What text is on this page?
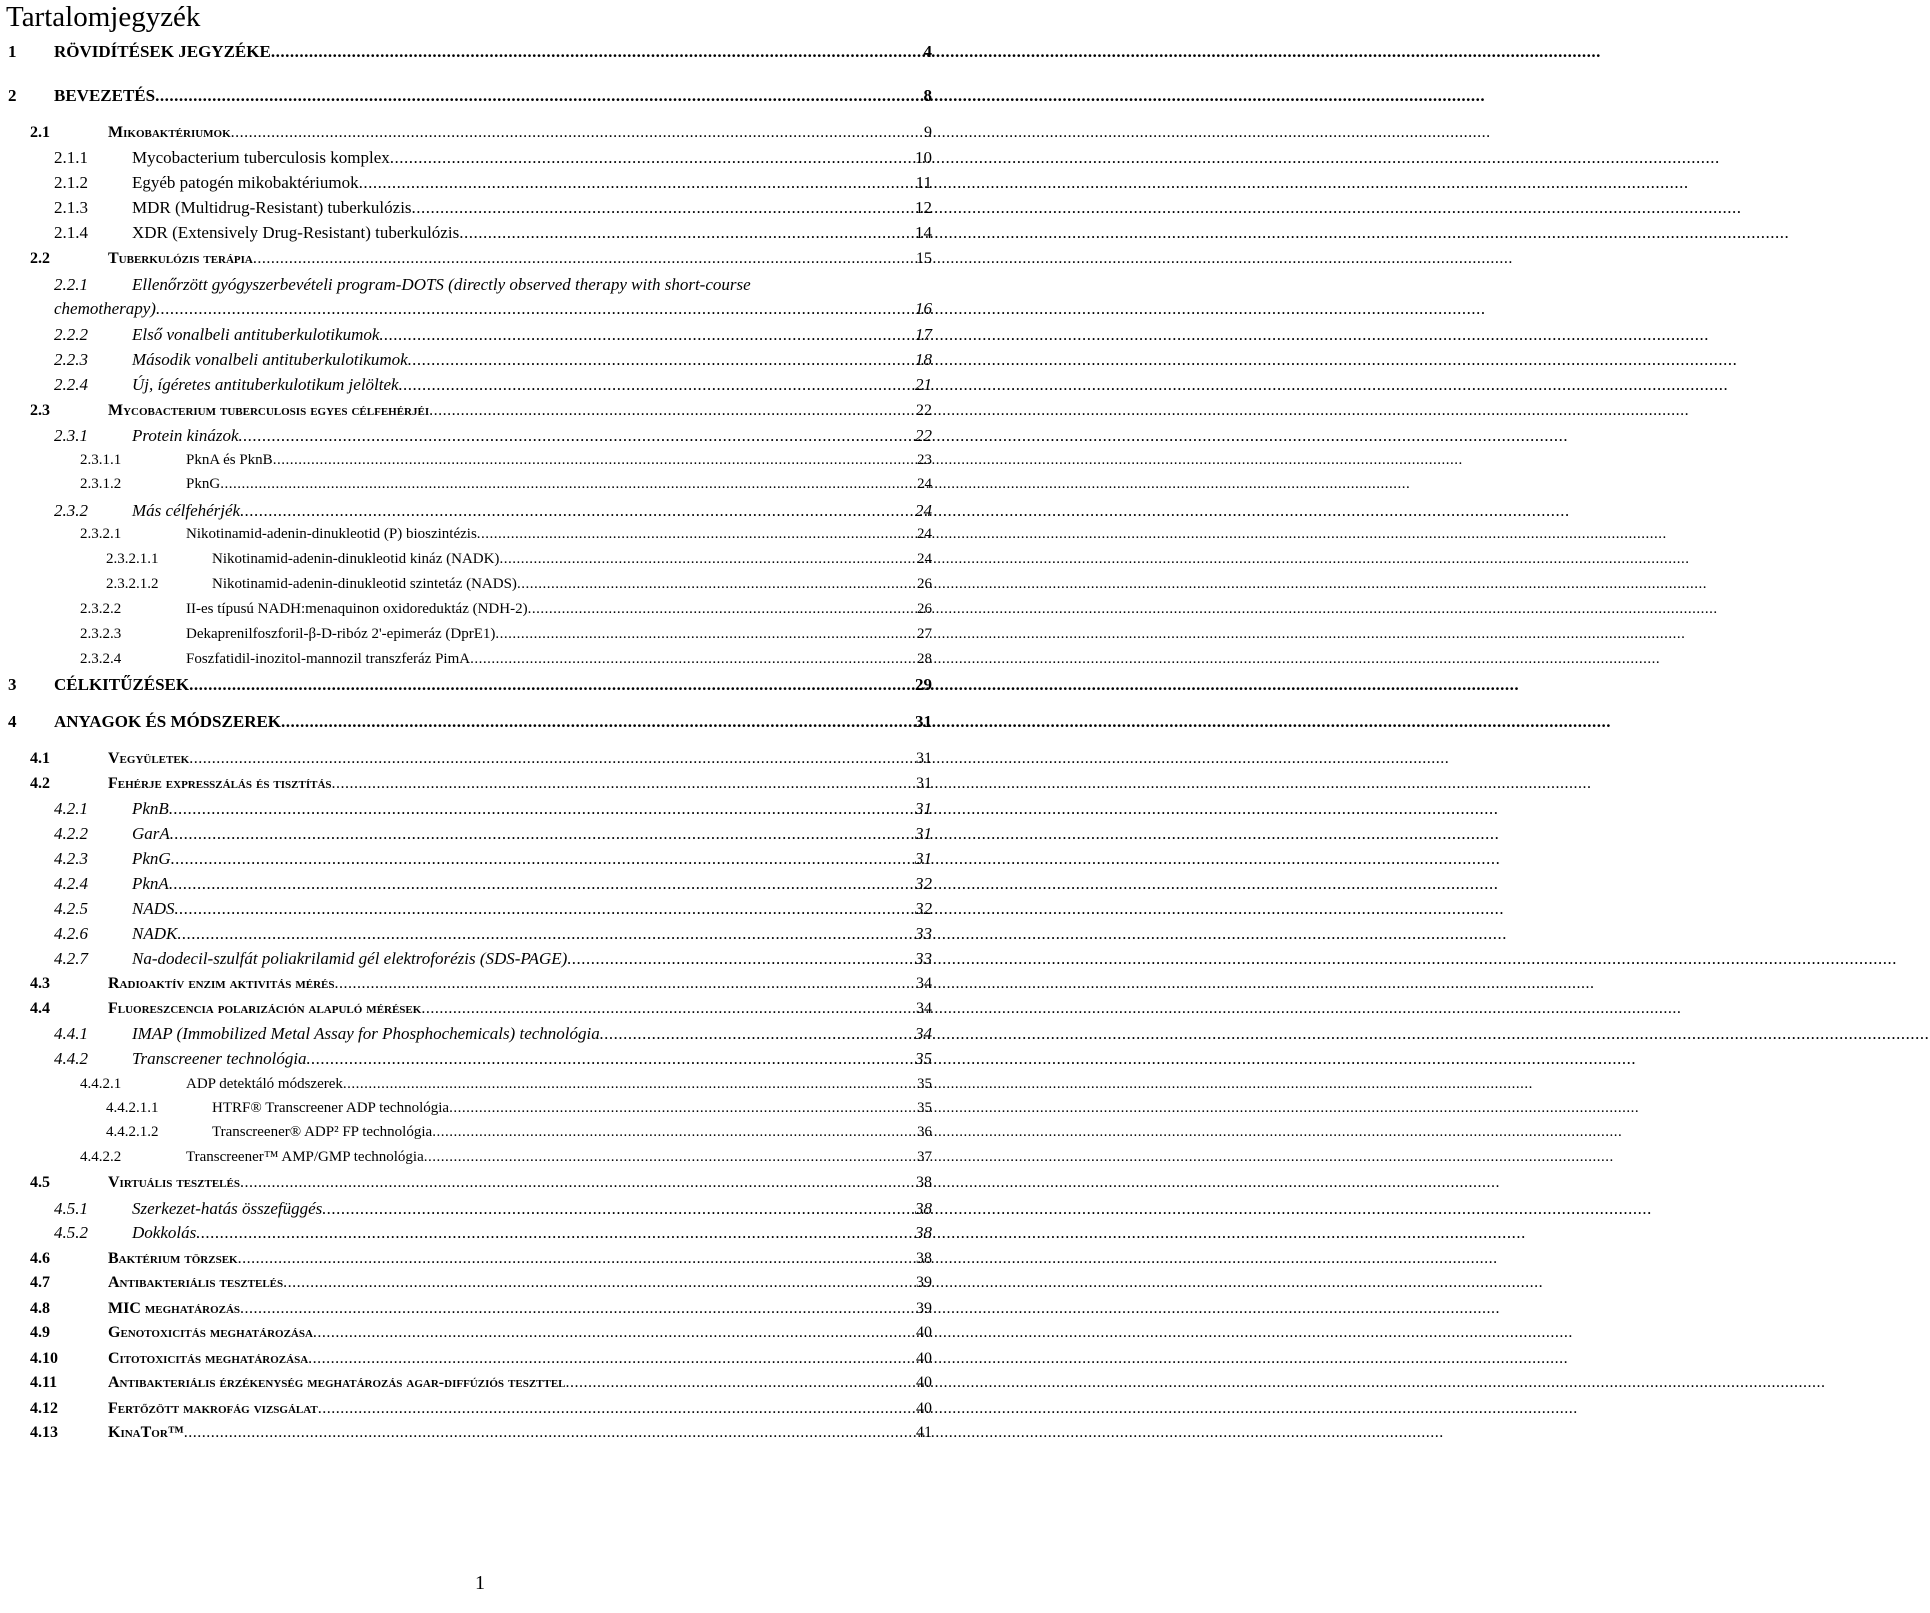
Tartalomjegyzék
1	RÖVIDÍTÉSEK JEGYZÉKE .....	4
2	BEVEZETÉS .....	8
2.1	Mikobaktériumok .....	9
2.1.1	Mycobacterium tuberculosis komplex .....	10
2.1.2	Egyéb patogén mikobaktériumok .....	11
2.1.3	MDR (Multidrug-Resistant) tuberkulózis .....	12
2.1.4	XDR (Extensively Drug-Resistant) tuberkulózis .....	14
2.2	Tuberkulózis terápia .....	15
2.2.1	Ellenőrzött gyógyszerbevételi program-DOTS (directly observed therapy with short-course
chemotherapy) .....	16
2.2.2	Első vonalbeli antituberkulotikumok .....	17
2.2.3	Második vonalbeli antituberkulotikumok .....	18
2.2.4	Új, ígéretes antituberkulotikum jelöltek .....	21
2.3	Mycobacterium tuberculosis egyes célfehérjéi .....	22
2.3.1	Protein kinázok .....	22
2.3.1.1	PknA és PknB .....	23
2.3.1.2	PknG .....	24
2.3.2	Más célfehérjék .....	24
2.3.2.1	Nikotinamid-adenin-dinukleotid (P) bioszintézis .....	24
2.3.2.1.1	Nikotinamid-adenin-dinukleotid kináz (NADK) .....	24
2.3.2.1.2	Nikotinamid-adenin-dinukleotid szintetáz (NADS) .....	26
2.3.2.2	II-es típusú NADH:menaquinon oxidoreduktáz (NDH-2) .....	26
2.3.2.3	Dekaprenilfoszforil-β-D-ribóz 2'-epimeráz (DprE1) .....	27
2.3.2.4	Foszfatidil-inozitol-mannozil transzferáz PimA .....	28
3	CÉLKITŰZÉSEK .....	29
4	ANYAGOK ÉS MÓDSZEREK .....	31
4.1	Vegyületek .....	31
4.2	Fehérje expresszálás és tisztítás .....	31
4.2.1	PknB .....	31
4.2.2	GarA .....	31
4.2.3	PknG .....	31
4.2.4	PknA .....	32
4.2.5	NADS .....	32
4.2.6	NADK .....	33
4.2.7	Na-dodecil-szulfát poliakrilamid gél elektroforézis (SDS-PAGE) .....	33
4.3	Radioaktív enzim aktivitás mérés .....	34
4.4	Fluoreszcencia polarizáción alapuló mérések .....	34
4.4.1	IMAP (Immobilized Metal Assay for Phosphochemicals) technológia .....	34
4.4.2	Transcreener technológia .....	35
4.4.2.1	ADP detektáló módszerek .....	35
4.4.2.1.1	HTRF® Transcreener ADP technológia .....	35
4.4.2.1.2	Transcreener® ADP² FP technológia .....	36
4.4.2.2	Transcreener™ AMP/GMP technológia .....	37
4.5	Virtuális tesztelés .....	38
4.5.1	Szerkezet-hatás összefüggés .....	38
4.5.2	Dokkolás .....	38
4.6	Baktérium törzsek .....	38
4.7	Antibakteriális tesztelés .....	39
4.8	MIC meghatározás .....	39
4.9	Genotoxicitás meghatározása .....	40
4.10	Citotoxicitás meghatározása .....	40
4.11	Antibakteriális érzékenység meghatározás agar-diffúziós teszttel .....	40
4.12	Fertőzött makrofág vizsgálat .....	40
4.13	KinaTor™ .....	41
1
